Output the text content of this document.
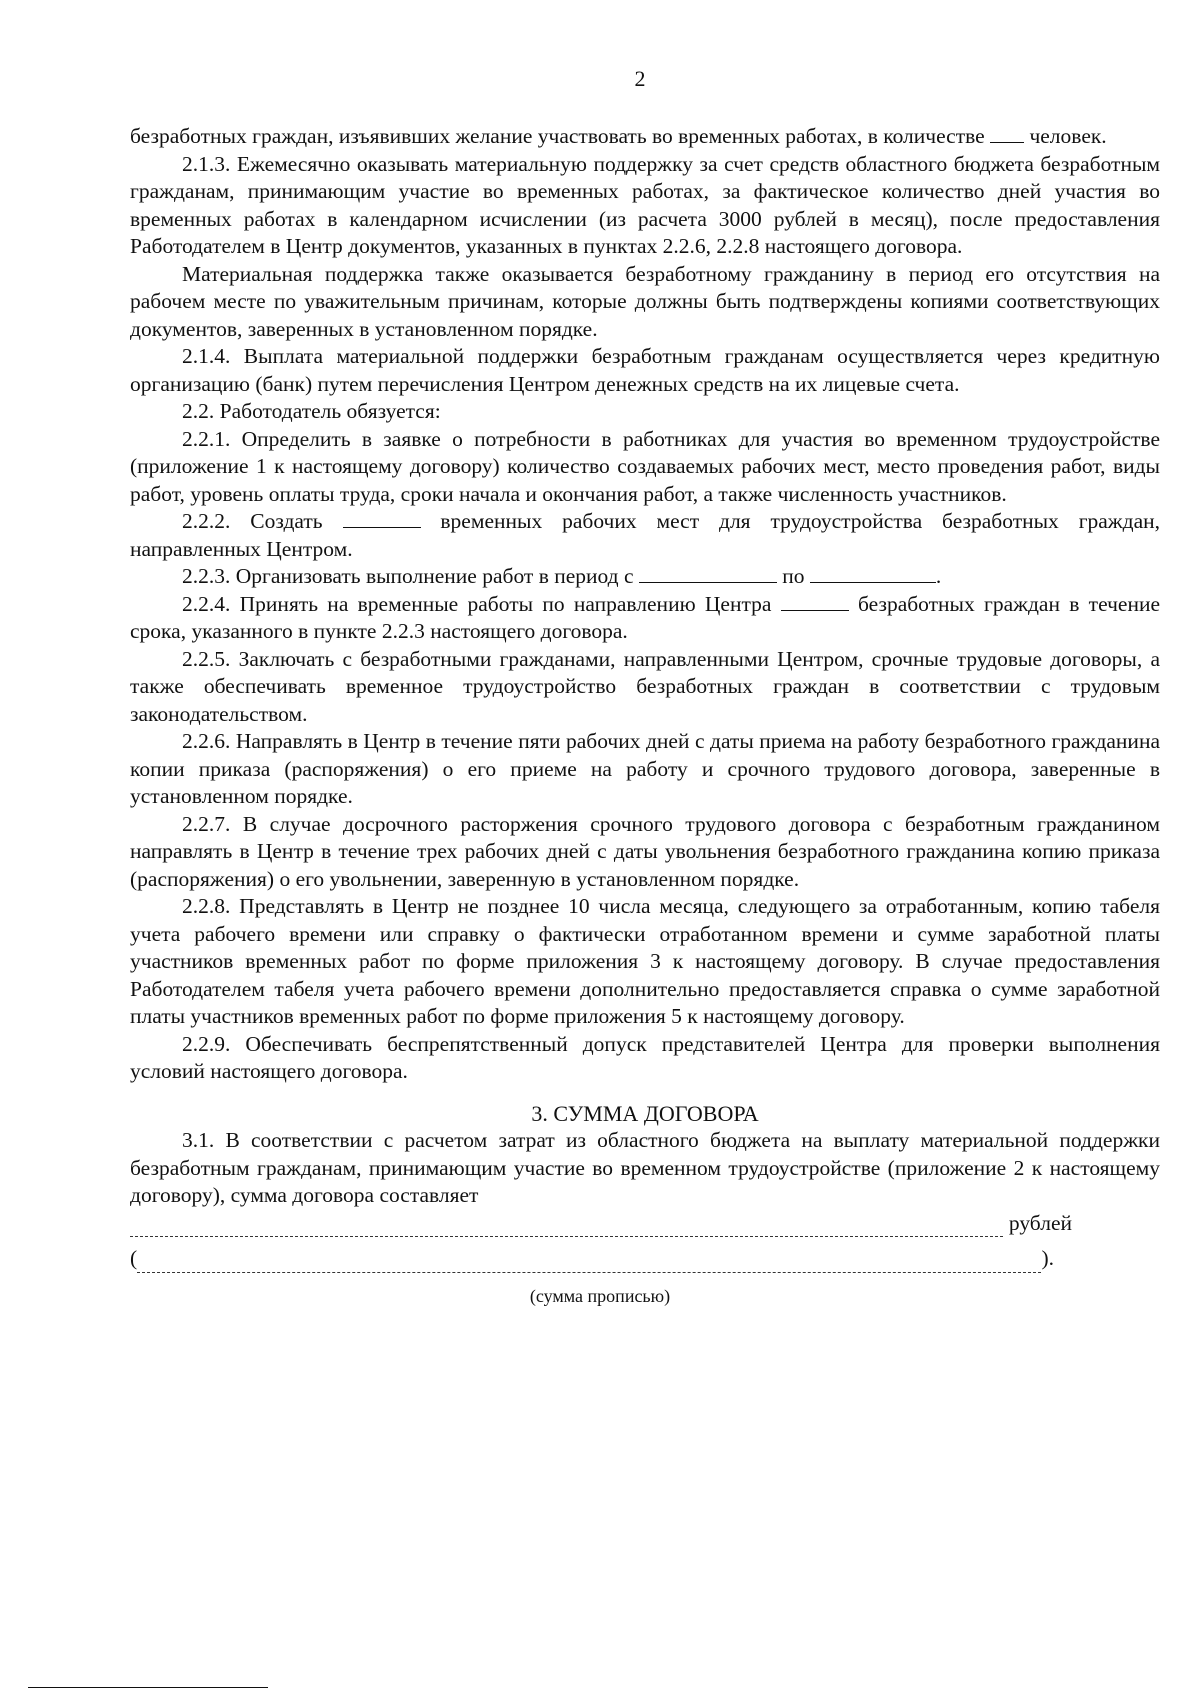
2

безработных граждан, изъявивших желание участвовать во временных работах, в количестве человек.

2.1.3. Ежемесячно оказывать материальную поддержку за счет средств областного бюджета безработным гражданам, принимающим участие во временных работах, за фактическое количество дней участия во временных работах в календарном исчислении (из расчета 3000 рублей в месяц), после предоставления Работодателем в Центр документов, указанных в пунктах 2.2.6, 2.2.8 настоящего договора.

Материальная поддержка также оказывается безработному гражданину в период его отсутствия на рабочем месте по уважительным причинам, которые должны быть подтверждены копиями соответствующих документов, заверенных в установленном порядке.

2.1.4. Выплата материальной поддержки безработным гражданам осуществляется через кредитную организацию (банк) путем перечисления Центром денежных средств на их лицевые счета.

2.2. Работодатель обязуется:

2.2.1. Определить в заявке о потребности в работниках для участия во временном трудоустройстве (приложение 1 к настоящему договору) количество создаваемых рабочих мест, место проведения работ, виды работ, уровень оплаты труда, сроки начала и окончания работ, а также численность участников.

2.2.2. Создать	временных рабочих мест для трудоустройства безработных граждан, направленных Центром.

2.2.3. Организовать выполнение работ в период с	по	.

2.2.4. Принять на временные работы по направлению Центра	безработных граждан в течение срока, указанного в пункте 2.2.3 настоящего договора.

2.2.5. Заключать с безработными гражданами, направленными Центром, срочные трудовые договоры, а также обеспечивать временное трудоустройство безработных граждан в соответствии с трудовым законодательством.

2.2.6. Направлять в Центр в течение пяти рабочих дней с даты приема на работу безработного гражданина копии приказа (распоряжения) о его приеме на работу и срочного трудового договора, заверенные в установленном порядке.

2.2.7. В случае досрочного расторжения срочного трудового договора с безработным гражданином направлять в Центр в течение трех рабочих дней с даты увольнения безработного гражданина копию приказа (распоряжения) о его увольнении, заверенную в установленном порядке.

2.2.8. Представлять в Центр не позднее 10 числа месяца, следующего за отработанным, копию табеля учета рабочего времени или справку о фактически отработанном времени и сумме заработной платы участников временных работ по форме приложения 3 к настоящему договору. В случае предоставления Работодателем табеля учета рабочего времени дополнительно предоставляется справка о сумме заработной платы участников временных работ по форме приложения 5 к настоящему договору.

2.2.9. Обеспечивать беспрепятственный допуск представителей Центра для проверки выполнения условий настоящего договора.

3. СУММА ДОГОВОРА

3.1. В соответствии с расчетом затрат из областного бюджета на выплату материальной поддержки безработным гражданам, принимающим участие во временном трудоустройстве (приложение 2 к настоящему договору), сумма договора составляет

рублей
(	).
(сумма прописью)
